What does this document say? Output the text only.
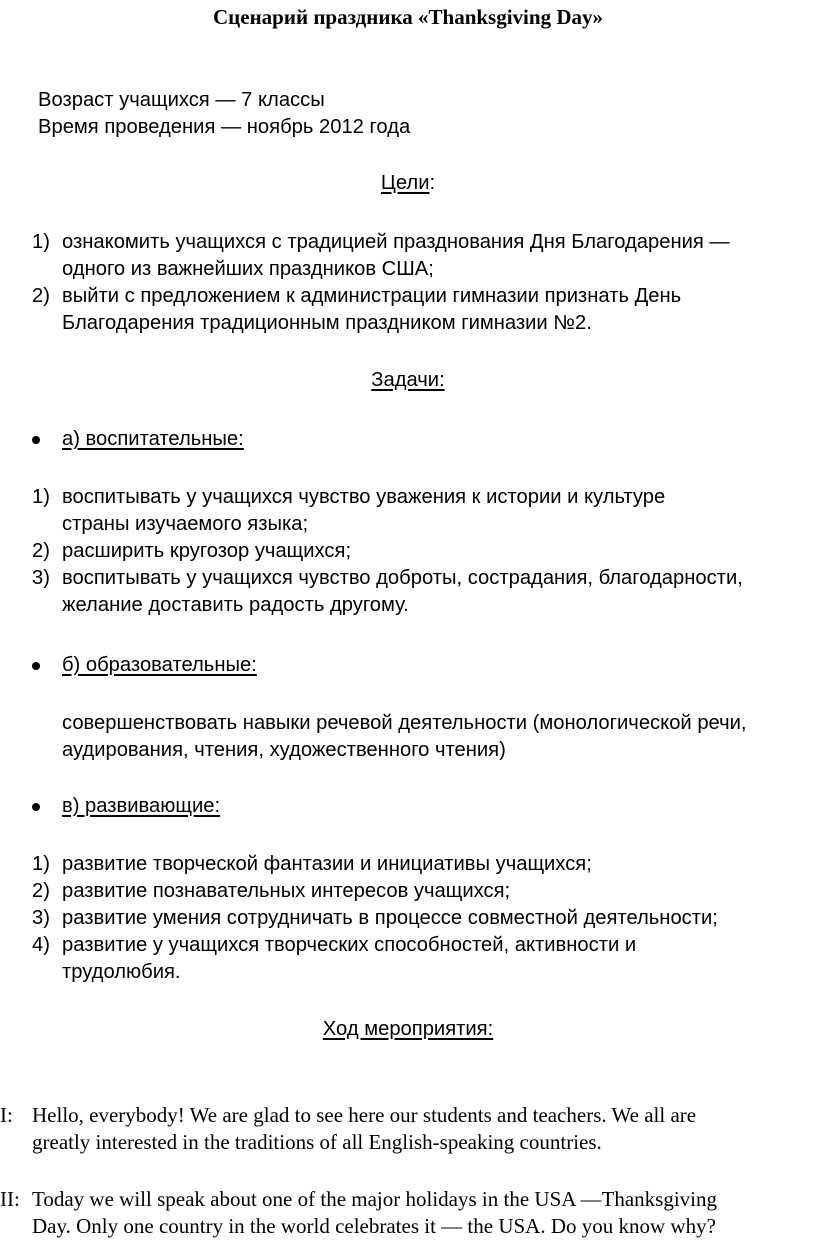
Сценарий праздника «Thanksgiving Day»
Возраст учащихся — 7 классы
Время проведения — ноябрь 2012 года
Цели:
1) ознакомить учащихся с традицией празднования Дня Благодарения —
одного из важнейших праздников США;
2) выйти с предложением к администрации гимназии признать День
Благодарения традиционным праздником гимназии №2.
Задачи:
а) воспитательные:
1) воспитывать у учащихся чувство уважения к истории и культуре
страны изучаемого языка;
2) расширить кругозор учащихся;
3) воспитывать у учащихся чувство доброты, сострадания, благодарности,
желание доставить радость другому.
б) образовательные:
совершенствовать навыки речевой деятельности (монологической речи,
аудирования, чтения, художественного чтения)
в) развивающие:
1) развитие творческой фантазии и инициативы учащихся;
2) развитие познавательных интересов учащихся;
3) развитие умения сотрудничать в процессе совместной деятельности;
4) развитие у учащихся творческих способностей, активности и
трудолюбия.
Ход мероприятия:
I: Hello, everybody! We are glad to see here our students and teachers. We all are
greatly interested in the traditions of all English-speaking countries.
II: Today we will speak about one of the major holidays in the USA —Thanksgiving
Day. Only one country in the world celebrates it — the USA. Do you know why?
